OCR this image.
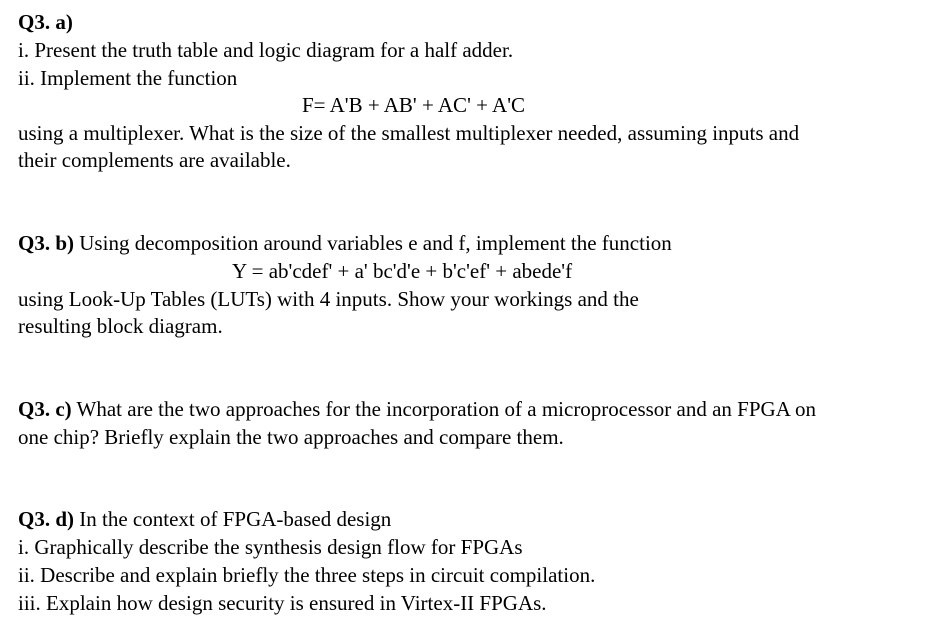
Q3. a)
i. Present the truth table and logic diagram for a half adder.
ii. Implement the function
F= A'B + AB' + AC' + A'C
using a multiplexer. What is the size of the smallest multiplexer needed, assuming inputs and
their complements are available.
Q3. b) Using decomposition around variables e and f, implement the function
Y = ab'cdef' + a' bc'd'e + b'c'ef' + abede'f
using Look-Up Tables (LUTs) with 4 inputs. Show your workings and the
resulting block diagram.
Q3. c) What are the two approaches for the incorporation of a microprocessor and an FPGA on
one chip? Briefly explain the two approaches and compare them.
Q3. d) In the context of FPGA-based design
i. Graphically describe the synthesis design flow for FPGAs
ii. Describe and explain briefly the three steps in circuit compilation.
iii. Explain how design security is ensured in Virtex-II FPGAs.
